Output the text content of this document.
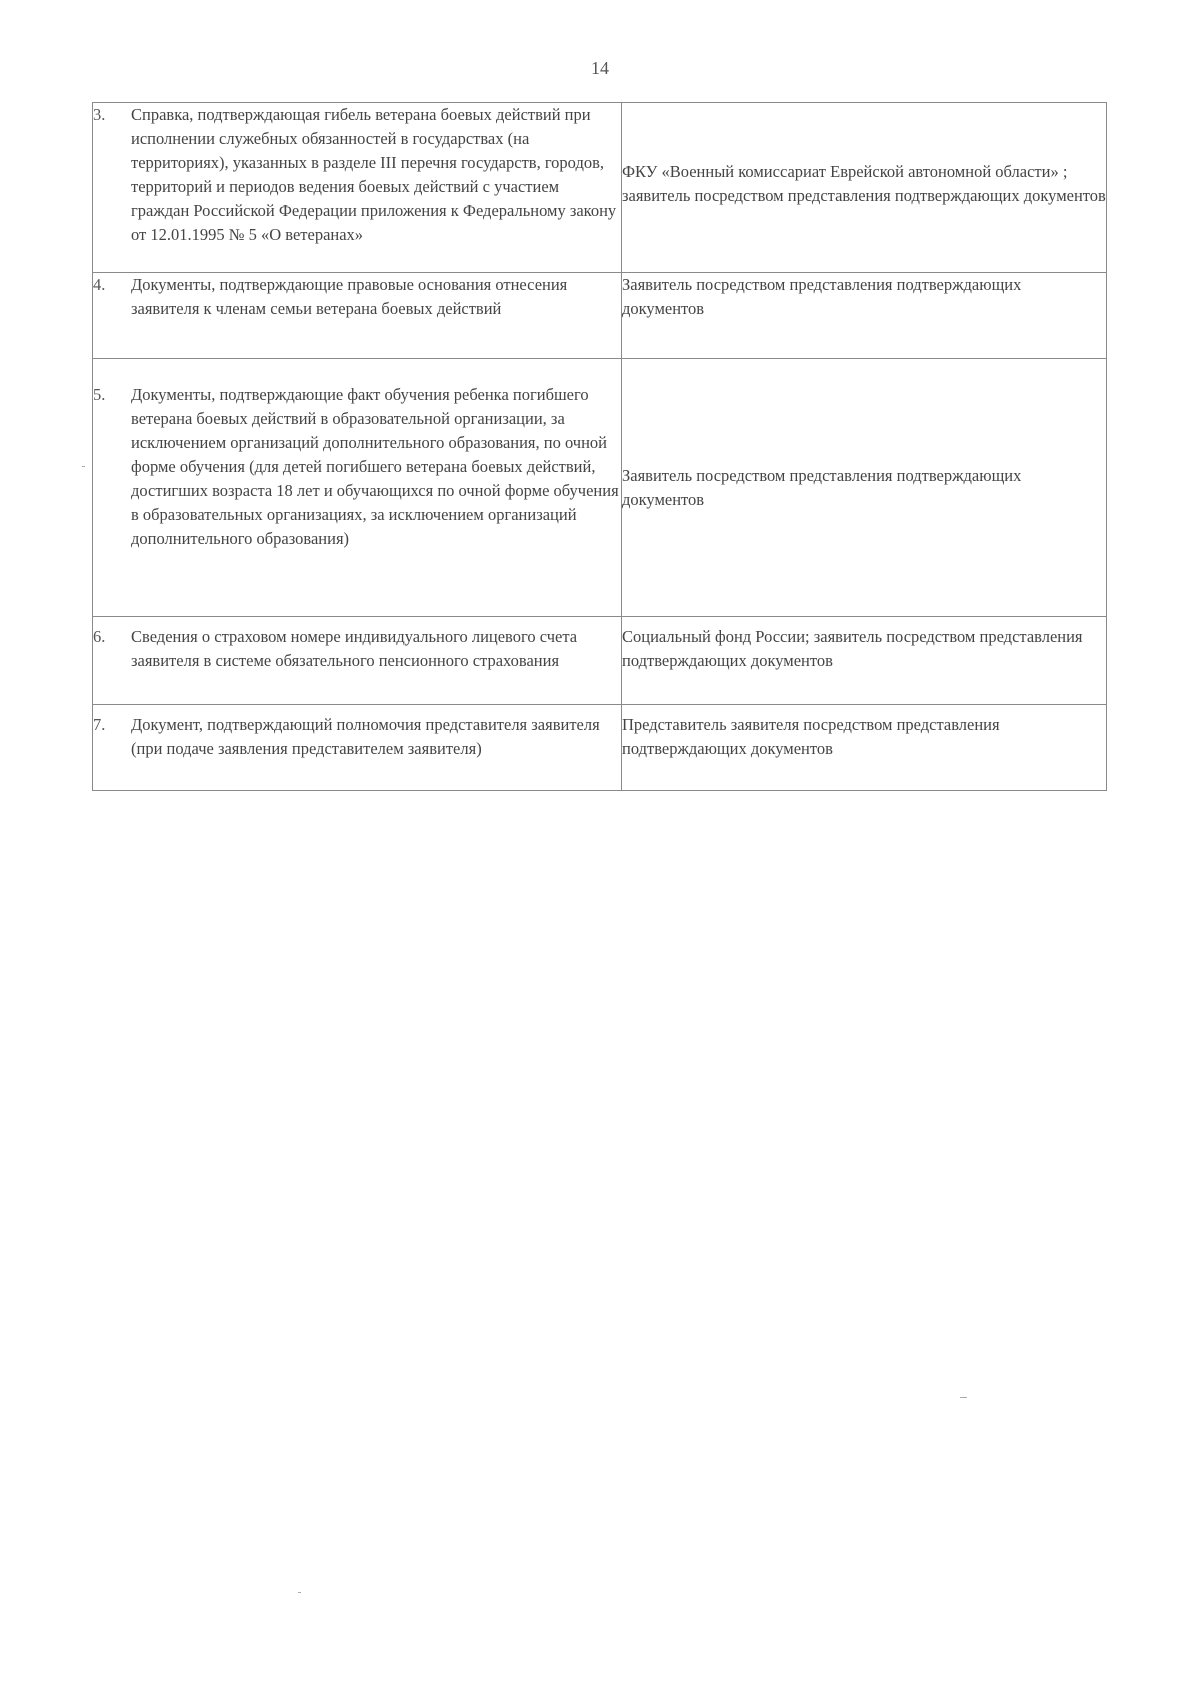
14
3. Справка, подтверждающая гибель ветерана боевых действий при исполнении служебных обязанностей в государствах (на территориях), указанных в разделе III перечня государств, городов, территорий и периодов ведения боевых действий с участием граждан Российской Федерации приложения к Федеральному закону от 12.01.1995 № 5 «О ветеранах»	ФКУ «Военный комиссариат Еврейской автономной области» ; заявитель посредством представления подтверждающих документов

4. Документы, подтверждающие правовые основания отнесения заявителя к членам семьи ветерана боевых действий	Заявитель посредством представления подтверждающих документов

5. Документы, подтверждающие факт обучения ребенка погибшего ветерана боевых действий в образовательной организации, за исключением организаций дополнительного образования, по очной форме обучения (для детей погибшего ветерана боевых действий, достигших возраста 18 лет и обучающихся по очной форме обучения в образовательных организациях, за исключением организаций дополнительного образования)	Заявитель посредством представления подтверждающих документов

6. Сведения о страховом номере индивидуального лицевого счета заявителя в системе обязательного пенсионного страхования	Социальный фонд России; заявитель посредством представления подтверждающих документов

7. Документ, подтверждающий полномочия представителя заявителя (при подаче заявления представителем заявителя)	Представитель заявителя посредством представления подтверждающих документов
